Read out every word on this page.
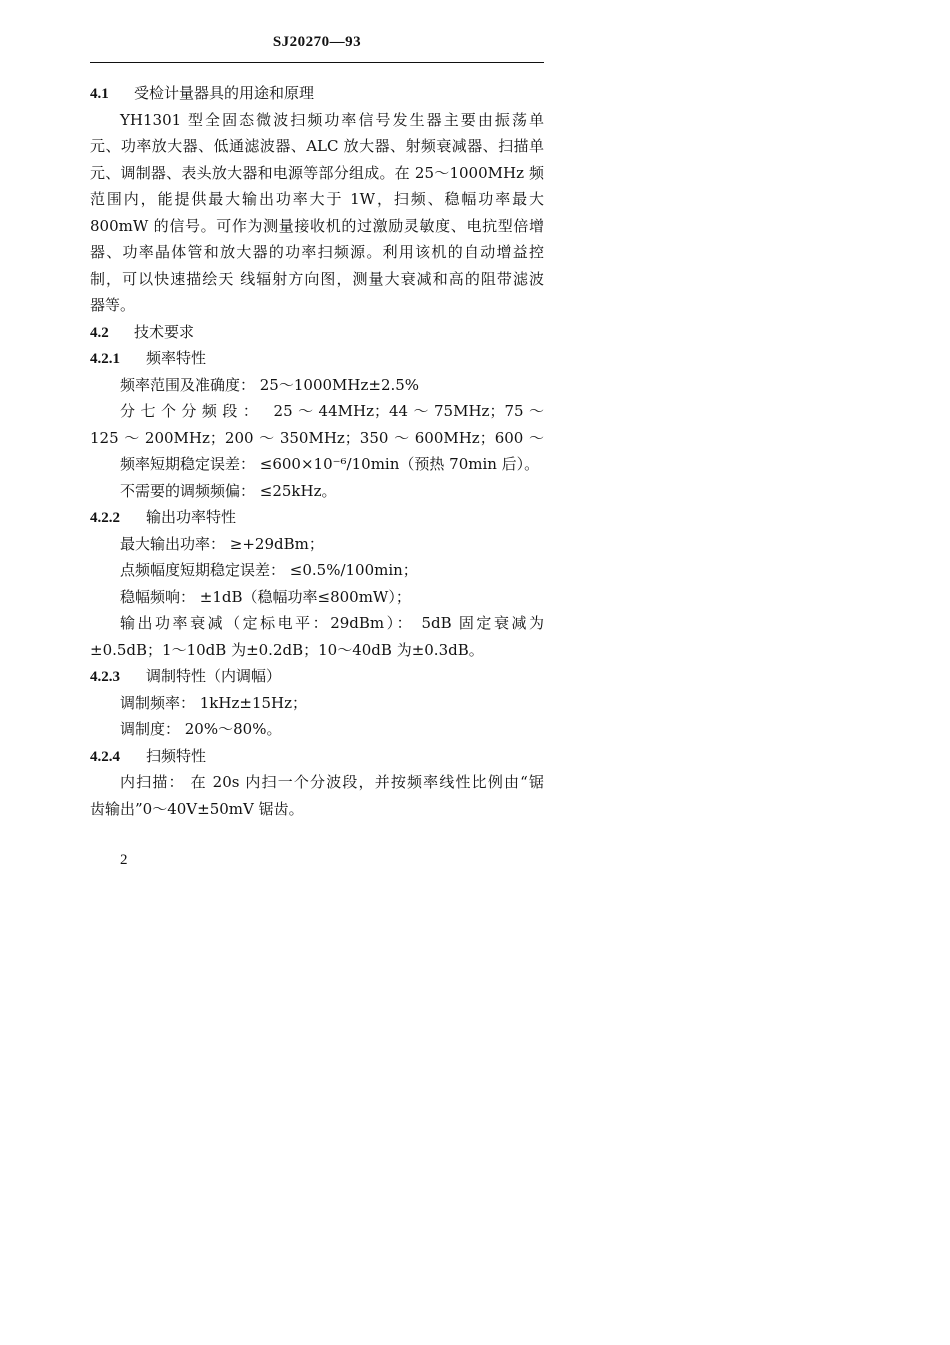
SJ20270—93
4.1 受检计量器具的用途和原理
YH1301 型全固态微波扫频功率信号发生器主要由振荡单
元、功率放大器、低通滤波器、ALC 放大器、射频衰减器、扫描单
元、调制器、表头放大器和电源等部分组成。在 25～1000MHz 频
范围内，能提供最大输出功率大于 1W，扫频、稳幅功率最大
800mW 的信号。可作为测量接收机的过激励灵敏度、电抗型倍增
器、功率晶体管和放大器的功率扫频源。利用该机的自动增益控
制，可以快速描绘天 线辐射方向图，测量大衰减和高的阻带滤波
器等。
4.2 技术要求
4.2.1 频率特性
频率范围及准确度： 25～1000MHz±2.5%
分七个分频段： 25～44MHz；44～75MHz；75～
125～200MHz；200～350MHz；350～600MHz；600～
频率短期稳定误差： ≤600×10⁻⁶/10min（预热 70min 后）。
不需要的调频频偏： ≤25kHz。
4.2.2 输出功率特性
最大输出功率： ≥+29dBm；
点频幅度短期稳定误差： ≤0.5%/100min；
稳幅频响： ±1dB（稳幅功率≤800mW）；
输出功率衰减（定标电平：29dBm）： 5dB 固定衰减为
±0.5dB；1～10dB 为±0.2dB；10～40dB 为±0.3dB。
4.2.3 调制特性（内调幅）
调制频率： 1kHz±15Hz；
调制度： 20%～80%。
4.2.4 扫频特性
内扫描： 在 20s 内扫一个分波段，并按频率线性比例由“锯
齿输出”0～40V±50mV 锯齿。
2
